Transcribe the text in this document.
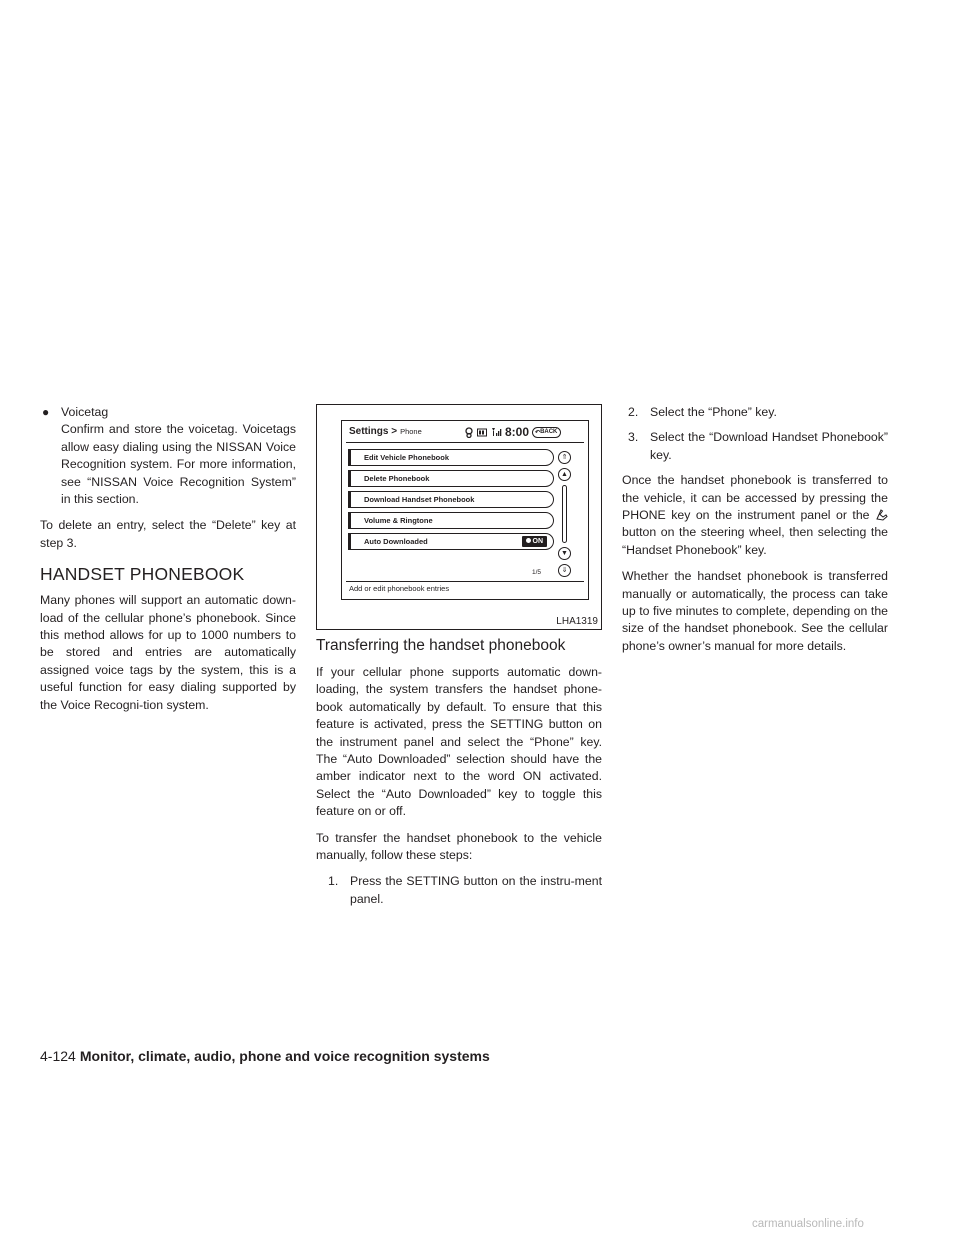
● Voicetag
Confirm and store the voicetag. Voicetags allow easy dialing using the NISSAN Voice Recognition system. For more information, see “NISSAN Voice Recognition System” in this section.

To delete an entry, select the “Delete” key at step 3.

HANDSET PHONEBOOK

Many phones will support an automatic down-load of the cellular phone’s phonebook. Since this method allows for up to 1000 numbers to be stored and entries are automatically assigned voice tags by the system, this is a useful function for easy dialing supported by the Voice Recogni-tion system.

Settings > Phone	8:00 ↶ BACK
Edit Vehicle Phonebook
Delete Phonebook
Download Handset Phonebook
Volume & Ringtone
Auto Downloaded	ON
⇑
▲
▼
⇓
1/5
Add or edit phonebook entries
LHA1319
Transferring the handset phonebook

If your cellular phone supports automatic down-loading, the system transfers the handset phone-book automatically by default. To ensure that this feature is activated, press the SETTING button on the instrument panel and select the “Phone” key. The “Auto Downloaded” selection should have the amber indicator next to the word ON activated. Select the “Auto Downloaded” key to toggle this feature on or off.

To transfer the handset phonebook to the vehicle manually, follow these steps:

1. Press the SETTING button on the instru-ment panel.
2. Select the “Phone” key.
3. Select the “Download Handset Phonebook” key.

Once the handset phonebook is transferred to the vehicle, it can be accessed by pressing the PHONE key on the instrument panel or the  button on the steering wheel, then selecting the “Handset Phonebook” key.

Whether the handset phonebook is transferred manually or automatically, the process can take up to five minutes to complete, depending on the size of the handset phonebook. See the cellular phone’s owner’s manual for more details.

4-124 Monitor, climate, audio, phone and voice recognition systems
carmanualsonline.info
